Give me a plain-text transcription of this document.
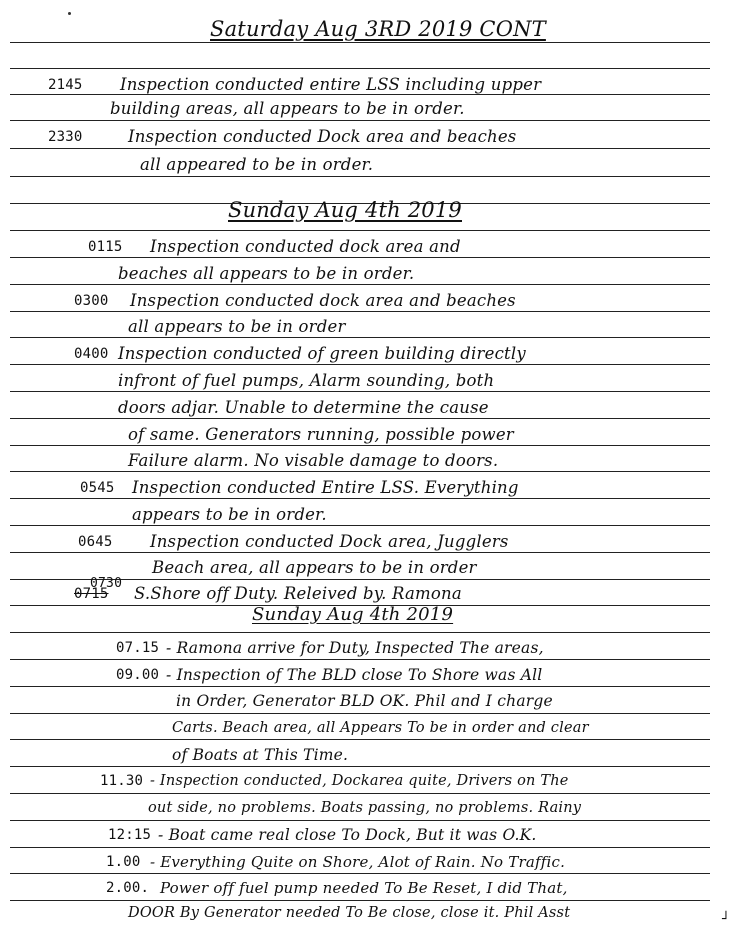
Saturday Aug 3RD 2019 CONT
2145 Inspection conducted entire LSS including upper
building areas, all appears to be in order.
2330	Inspection conducted Dock area and beaches
all appeared to be in order.
Sunday Aug 4th 2019
0115 Inspection conducted dock area and
beaches all appears to be in order.
0300 Inspection conducted dock area and beaches
all appears to be in order
0400 Inspection conducted of green building directly
infront of fuel pumps, Alarm sounding, both
doors adjar. Unable to determine the cause
of same. Generators running, possible power
Failure alarm. No visable damage to doors.
0545 Inspection conducted Entire LSS. Everything
appears to be in order.
0645 Inspection conducted Dock area, Jugglers
Beach area, all appears to be in order
0730
0715 S.Shore off Duty. Releived by. Ramona
Sunday Aug 4th 2019
07.15 - Ramona arrive for Duty, Inspected The areas,
09.00 - Inspection of The BLD close To Shore was All
in Order, Generator BLD OK. Phil and I charge
Carts. Beach area, all Appears To be in order and clear
of Boats at This Time.
11.30 - Inspection conducted, Dockarea quite, Drivers on The
out side, no problems. Boats passing, no problems. Rainy
12:15 - Boat came real close To Dock, But it was O.K.
1.00 - Everything Quite on Shore, Alot of Rain. No Traffic.
2.00. Power off fuel pump needed To Be Reset, I did That,
DOOR By Generator needed To Be close, close it. Phil Asst	┘
